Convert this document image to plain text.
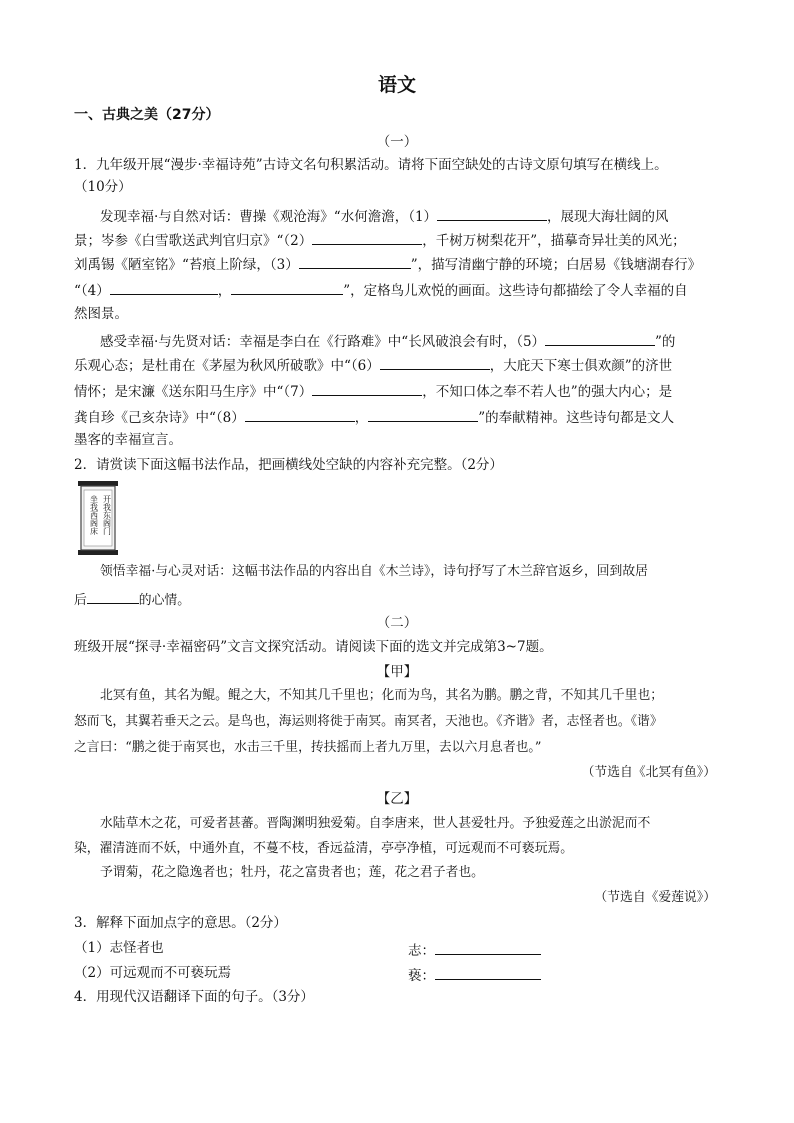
语文
一、古典之美（27分）
（一）
1．九年级开展“漫步·幸福诗苑”古诗文名句积累活动。请将下面空缺处的古诗文原句填写在横线上。
（10分）
发现幸福·与自然对话：曹操《观沧海》“水何澹澹，（1）	，展现大海壮阔的风
景；岑参《白雪歌送武判官归京》“（2）	，千树万树梨花开”，描摹奇异壮美的风光；
刘禹锡《陋室铭》“苔痕上阶绿，（3）	”，描写清幽宁静的环境；白居易《钱塘湖春行》
“（4）	，	”，定格鸟儿欢悦的画面。这些诗句都描绘了令人幸福的自
然图景。
感受幸福·与先贤对话：幸福是李白在《行路难》中“长风破浪会有时，（5）	”的
乐观心态；是杜甫在《茅屋为秋风所破歌》中“（6）	，大庇天下寒士俱欢颜”的济世
情怀；是宋濂《送东阳马生序》中“（7）	，不知口体之奉不若人也”的强大内心；是
龚自珍《己亥杂诗》中“（8）	，	”的奉献精神。这些诗句都是文人
墨客的幸福宣言。
2．请赏读下面这幅书法作品，把画横线处空缺的内容补充完整。（2分）
开我东阁门
坐我西阁床
领悟幸福·与心灵对话：这幅书法作品的内容出自《木兰诗》，诗句抒写了木兰辞官返乡，回到故居
后	的心情。
（二）
班级开展“探寻·幸福密码”文言文探究活动。请阅读下面的选文并完成第3~7题。
【甲】
北冥有鱼，其名为鲲。鲲之大，不知其几千里也；化而为鸟，其名为鹏。鹏之背，不知其几千里也；
怒而飞，其翼若垂天之云。是鸟也，海运则将徙于南冥。南冥者，天池也。《齐谐》者，志怪者也。《谐》
之言曰：“鹏之徙于南冥也，水击三千里，抟扶摇而上者九万里，去以六月息者也。”
（节选自《北冥有鱼》）
【乙】
水陆草木之花，可爱者甚蕃。晋陶渊明独爱菊。自李唐来，世人甚爱牡丹。予独爱莲之出淤泥而不
染，濯清涟而不妖，中通外直，不蔓不枝，香远益清，亭亭净植，可远观而不可亵玩焉。
予谓菊，花之隐逸者也；牡丹，花之富贵者也；莲，花之君子者也。
（节选自《爱莲说》）
3．解释下面加点字的意思。（2分）
（1）志怪者也	志：
（2）可远观而不可亵玩焉	亵：
4．用现代汉语翻译下面的句子。（3分）
